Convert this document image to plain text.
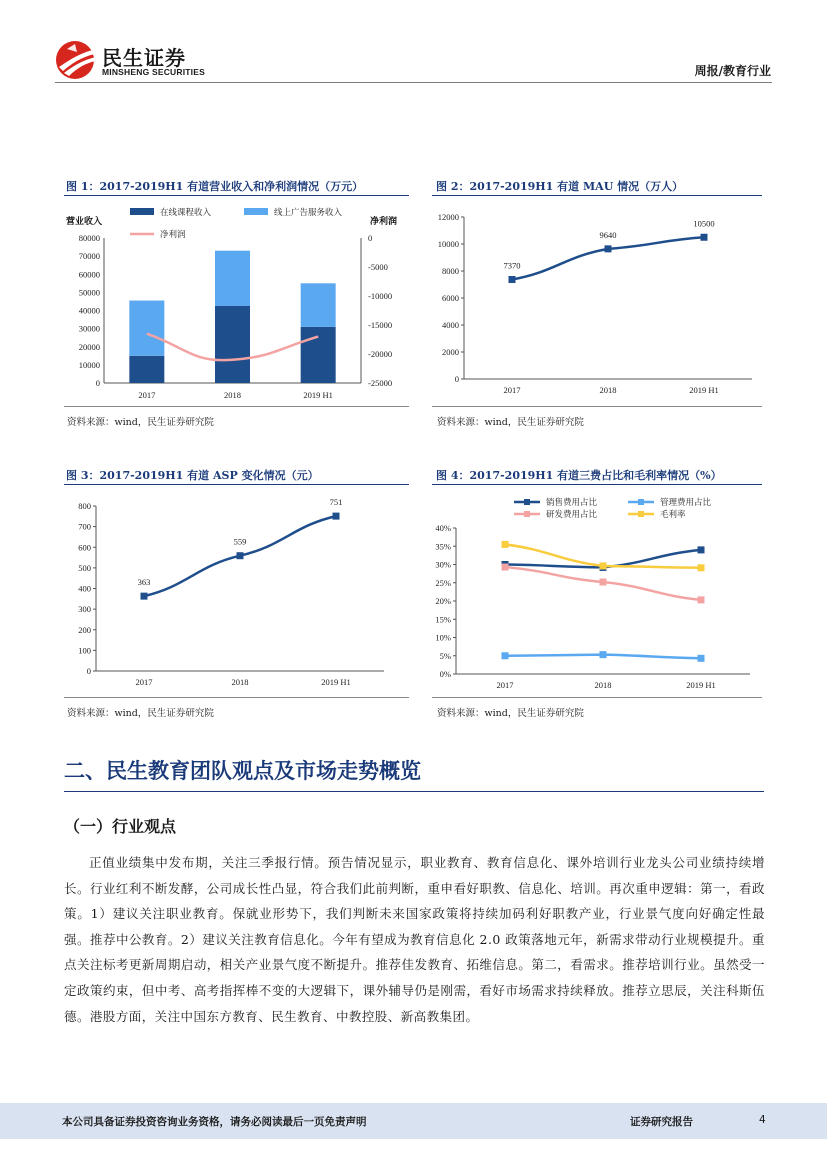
民生证券
MINSHENG SECURITIES	周报/教育行业
图 1：2017-2019H1 有道营业收入和净利润情况（万元）
0
10000
20000
30000
40000
50000
60000
70000
80000	0
-5000
-10000
-15000
-20000
-25000
营业收入	净利润
在线课程收入	线上广告服务收入
净利润
2017	2018	2019 H1
资料来源：wind，民生证券研究院
图 2：2017-2019H1 有道 MAU 情况（万人）
0
2000
4000
6000
8000
10000
12000
2017	2018	2019 H1
7370
9640
10500
资料来源：wind，民生证券研究院
图 3：2017-2019H1 有道 ASP 变化情况（元）
0
100
200
300
400
500
600
700
800
2017	2018	2019 H1
363
559
751
资料来源：wind，民生证券研究院
图 4：2017-2019H1 有道三费占比和毛利率情况（%）
0%
5%
10%
15%
20%
25%
30%
35%
40%
2017	2018	2019 H1
销售费用占比	管理费用占比
研发费用占比	毛利率
资料来源：wind，民生证券研究院
二、民生教育团队观点及市场走势概览
（一）行业观点
正值业绩集中发布期，关注三季报行情。预告情况显示，职业教育、教育信息化、课外培训行业龙头公司业绩持续增长。行业红利不断发酵，公司成长性凸显，符合我们此前判断，重申看好职教、信息化、培训。再次重申逻辑：第一，看政策。1）建议关注职业教育。保就业形势下，我们判断未来国家政策将持续加码利好职教产业，行业景气度向好确定性最强。推荐中公教育。2）建议关注教育信息化。今年有望成为教育信息化 2.0 政策落地元年，新需求带动行业规模提升。重点关注标考更新周期启动，相关产业景气度不断提升。推荐佳发教育、拓维信息。第二，看需求。推荐培训行业。虽然受一定政策约束，但中考、高考指挥棒不变的大逻辑下，课外辅导仍是刚需，看好市场需求持续释放。推荐立思辰，关注科斯伍德。港股方面，关注中国东方教育、民生教育、中教控股、新高教集团。
本公司具备证券投资咨询业务资格，请务必阅读最后一页免责声明	证券研究报告	4
